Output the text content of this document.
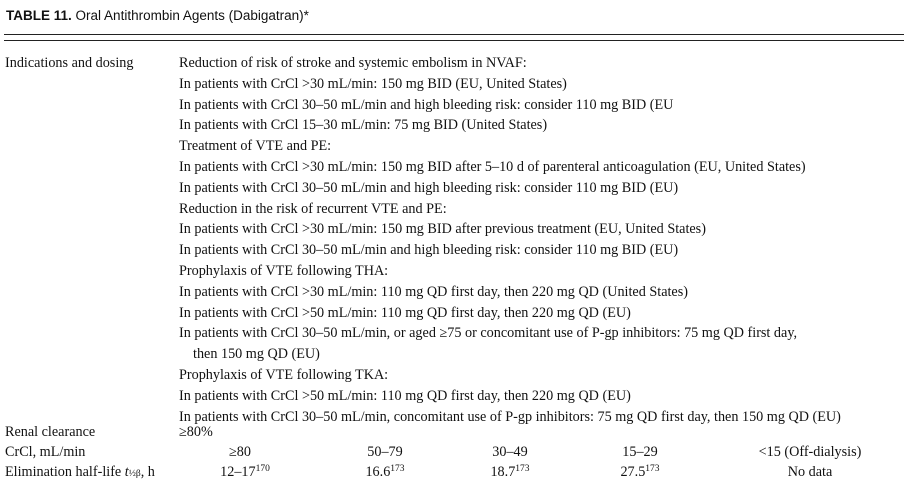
TABLE 11. Oral Antithrombin Agents (Dabigatran)*
Indications and dosing	Reduction of risk of stroke and systemic embolism in NVAF:
In patients with CrCl >30 mL/min: 150 mg BID (EU, United States)
In patients with CrCl 30–50 mL/min and high bleeding risk: consider 110 mg BID (EU
In patients with CrCl 15–30 mL/min: 75 mg BID (United States)
Treatment of VTE and PE:
In patients with CrCl >30 mL/min: 150 mg BID after 5–10 d of parenteral anticoagulation (EU, United States)
In patients with CrCl 30–50 mL/min and high bleeding risk: consider 110 mg BID (EU)
Reduction in the risk of recurrent VTE and PE:
In patients with CrCl >30 mL/min: 150 mg BID after previous treatment (EU, United States)
In patients with CrCl 30–50 mL/min and high bleeding risk: consider 110 mg BID (EU)
Prophylaxis of VTE following THA:
In patients with CrCl >30 mL/min: 110 mg QD first day, then 220 mg QD (United States)
In patients with CrCl >50 mL/min: 110 mg QD first day, then 220 mg QD (EU)
In patients with CrCl 30–50 mL/min, or aged ≥75 or concomitant use of P-gp inhibitors: 75 mg QD first day,
then 150 mg QD (EU)
Prophylaxis of VTE following TKA:
In patients with CrCl >50 mL/min: 110 mg QD first day, then 220 mg QD (EU)
In patients with CrCl 30–50 mL/min, concomitant use of P-gp inhibitors: 75 mg QD first day, then 150 mg QD (EU)
Renal clearance	≥80%
CrCl, mL/min	≥80	50–79	30–49	15–29	<15 (Off-dialysis)
Elimination half-life t½β, h	$12-17^{170}$	16.6$^{173}$	18.7$^{173}$	27.5$^{173}$	No data
